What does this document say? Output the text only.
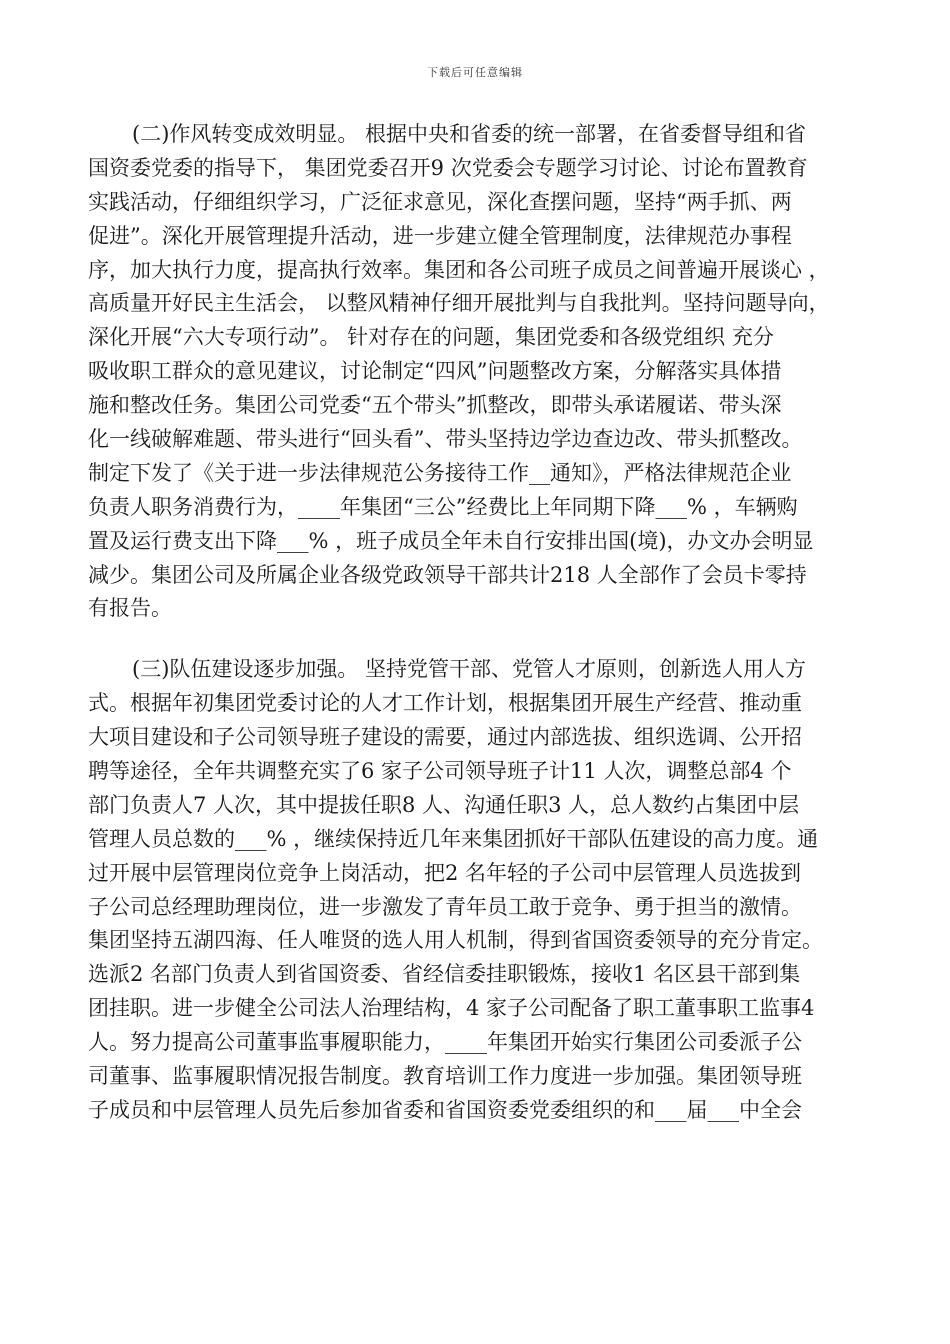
下载后可任意编辑
(二)作风转变成效明显。 根据中央和省委的统一部署，在省委督导组和省
国资委党委的指导下， 集团党委召开9 次党委会专题学习讨论、讨论布置教育
实践活动，仔细组织学习，广泛征求意见，深化查摆问题，坚持“两手抓、两
促进”。深化开展管理提升活动，进一步建立健全管理制度，法律规范办事程
序，加大执行力度，提高执行效率。集团和各公司班子成员之间普遍开展谈心 ，
高质量开好民主生活会， 以整风精神仔细开展批判与自我批判。坚持问题导向，
深化开展“六大专项行动”。 针对存在的问题，集团党委和各级党组织 充分
吸收职工群众的意见建议，讨论制定“四风”问题整改方案，分解落实具体措
施和整改任务。集团公司党委“五个带头”抓整改，即带头承诺履诺、带头深
化一线破解难题、带头进行“回头看”、带头坚持边学边查边改、带头抓整改。
制定下发了《关于进一步法律规范公务接待工作__通知》，严格法律规范企业
负责人职务消费行为，____年集团“三公”经费比上年同期下降___% ，车辆购
置及运行费支出下降___% ，班子成员全年未自行安排出国(境)，办文办会明显
减少。集团公司及所属企业各级党政领导干部共计218 人全部作了会员卡零持
有报告。
(三)队伍建设逐步加强。 坚持党管干部、党管人才原则，创新选人用人方
式。根据年初集团党委讨论的人才工作计划，根据集团开展生产经营、推动重
大项目建设和子公司领导班子建设的需要，通过内部选拔、组织选调、公开招
聘等途径，全年共调整充实了6 家子公司领导班子计11 人次，调整总部4 个
部门负责人7 人次，其中提拔任职8 人、沟通任职3 人，总人数约占集团中层
管理人员总数的___% ，继续保持近几年来集团抓好干部队伍建设的高力度。通
过开展中层管理岗位竞争上岗活动，把2 名年轻的子公司中层管理人员选拔到
子公司总经理助理岗位，进一步激发了青年员工敢于竞争、勇于担当的激情。
集团坚持五湖四海、任人唯贤的选人用人机制，得到省国资委领导的充分肯定。
选派2 名部门负责人到省国资委、省经信委挂职锻炼，接收1 名区县干部到集
团挂职。进一步健全公司法人治理结构，4 家子公司配备了职工董事职工监事4
人。努力提高公司董事监事履职能力，____年集团开始实行集团公司委派子公
司董事、监事履职情况报告制度。教育培训工作力度进一步加强。集团领导班
子成员和中层管理人员先后参加省委和省国资委党委组织的和___届___中全会
